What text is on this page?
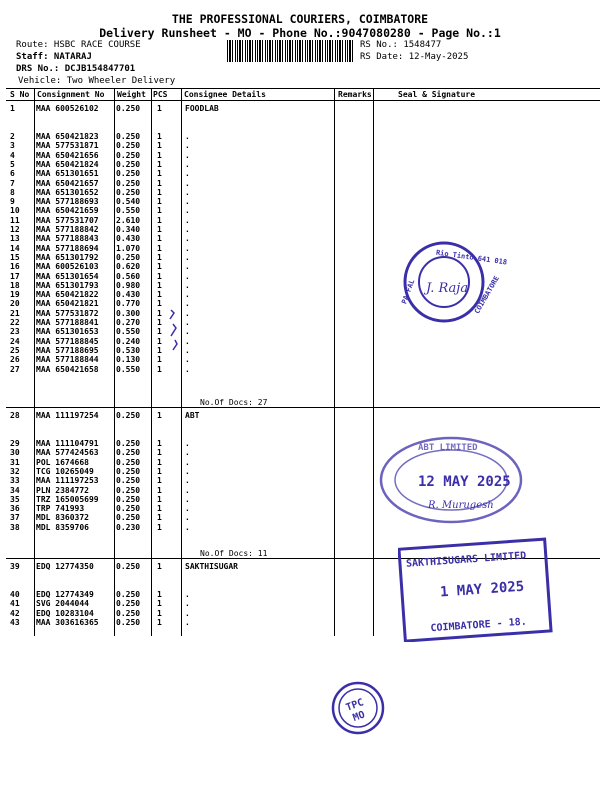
THE PROFESSIONAL COURIERS, COIMBATORE
Delivery Runsheet - MO - Phone No.:9047080280 - Page No.:1
Route: HSBC RACE COURSE
Staff: NATARAJ
DRS No.: DCJB154847701
Vehicle: Two Wheeler Delivery
RS No.: 1548477
RS Date: 12-May-2025
S No Consignment No Weight PCS Consignee Details	Remarks	Seal & Signature
1	MAA 600526102 0.250 1	FOODLAB
2	MAA 650421823 0.250 1	.
3	MAA 577531871 0.250 1	.
4	MAA 650421656 0.250 1	.
5	MAA 650421824 0.250 1	.
6	MAA 651301651 0.250 1	.
7	MAA 650421657 0.250 1	.
8	MAA 651301652 0.250 1	.
9	MAA 577188693 0.540 1	.
10 MAA 650421659 0.550 1	.
11 MAA 577531707 2.610 1	.
12 MAA 577188842 0.340 1	.
13 MAA 577188843 0.430 1	.
14 MAA 577188694 1.070 1	.
15 MAA 651301792 0.250 1	.
16 MAA 600526103 0.620 1	.
17 MAA 651301654 0.560 1	.
18 MAA 651301793 0.980 1	.
19 MAA 650421822 0.430 1	.
20 MAA 650421821 0.770 1	.
21 MAA 577531872 0.300 1	.
22 MAA 577188841 0.270 1	.
23 MAA 651301653 0.550 1	.
24 MAA 577188845 0.240 1	.
25 MAA 577188695 0.530 1	.
26 MAA 577188844 0.130 1	.
27 MAA 650421658 0.550 1	.
No.Of Docs: 27
28 MAA 111197254 0.250 1	ABT
29 MAA 111104791 0.250 1	.
30 MAA 577424563 0.250 1	.
31 POL 1674668	0.250 1	.
32 TCG 10265049	0.250 1	.
33 MAA 111197253 0.250 1	.
34 PLN 2384772	0.250 1	.
35 TRZ 165005699 0.250 1	.
36 TRP 741993	0.250 1	.
37 MDL 8360372	0.250 1	.
38 MDL 8359706	0.230 1	.
No.Of Docs: 11
39 EDQ 12774350	0.250 1	SAKTHISUGAR
40 EDQ 12774349	0.250 1	.
41 SVG 2044044	0.250 1	.
42 EDQ 10283104	0.250 1	.
43 MAA 303616365 0.250 1	.
Rio Tinto 641 018
PA FAL	COIMBATORE
J. Raja
ABT LIMITED
12 MAY 2025
R. Murugesh
SAKTHISUGARS LIMITED
1 MAY 2025
COIMBATORE - 18.
TPC
MO
